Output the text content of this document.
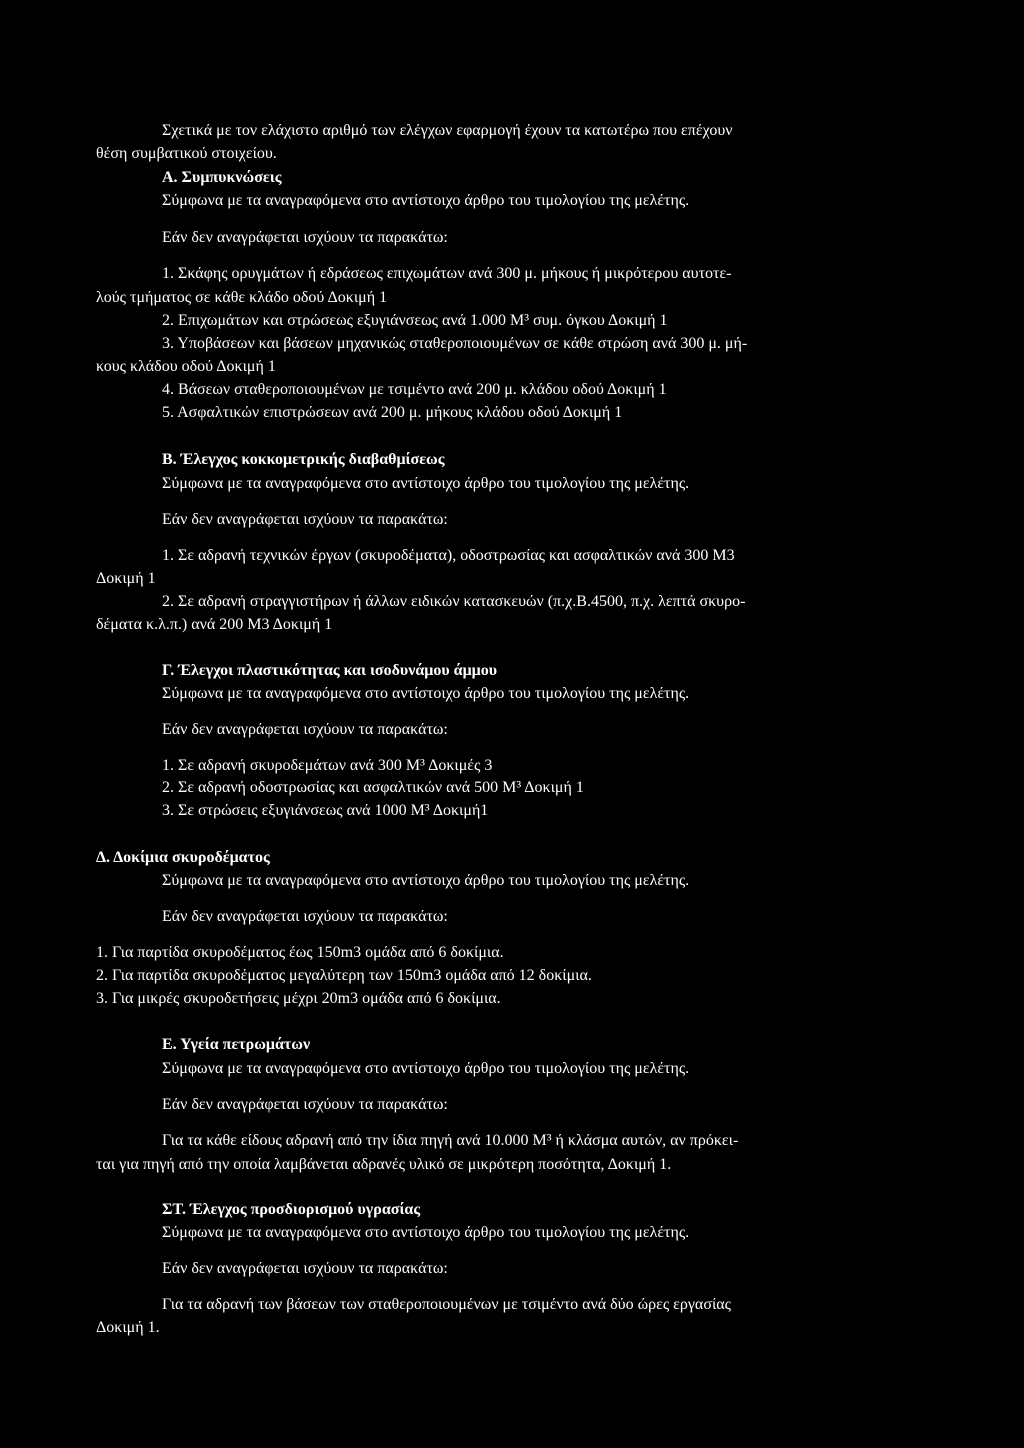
Σχετικά με τον ελάχιστο αριθμό των ελέγχων εφαρμογή έχουν τα κατωτέρω που επέχουν

θέση συμβατικού στοιχείου.

Α. Συμπυκνώσεις

Σύμφωνα με τα αναγραφόμενα στο αντίστοιχο άρθρο του τιμολογίου της μελέτης.

Εάν δεν αναγράφεται ισχύουν τα παρακάτω:

1. Σκάφης ορυγμάτων ή εδράσεως επιχωμάτων ανά 300 μ. μήκους ή μικρότερου αυτοτε-

λούς τμήματος σε κάθε κλάδο οδού Δοκιμή 1

2. Επιχωμάτων και στρώσεως εξυγιάνσεως ανά 1.000 Μ³ συμ. όγκου Δοκιμή 1

3. Υποβάσεων και βάσεων μηχανικώς σταθεροποιουμένων σε κάθε στρώση ανά 300 μ. μή-

κους κλάδου οδού Δοκιμή 1

4. Βάσεων σταθεροποιουμένων με τσιμέντο ανά 200 μ. κλάδου οδού Δοκιμή 1

5. Ασφαλτικών επιστρώσεων ανά 200 μ. μήκους κλάδου οδού Δοκιμή 1

Β. Έλεγχος κοκκομετρικής διαβαθμίσεως

Σύμφωνα με τα αναγραφόμενα στο αντίστοιχο άρθρο του τιμολογίου της μελέτης.

Εάν δεν αναγράφεται ισχύουν τα παρακάτω:

1. Σε αδρανή τεχνικών έργων (σκυροδέματα), οδοστρωσίας και ασφαλτικών ανά 300 Μ3

Δοκιμή 1

2. Σε αδρανή στραγγιστήρων ή άλλων ειδικών κατασκευών (π.χ.Β.4500, π.χ. λεπτά σκυρο-

δέματα κ.λ.π.) ανά 200 Μ3 Δοκιμή 1

Γ. Έλεγχοι πλαστικότητας και ισοδυνάμου άμμου

Σύμφωνα με τα αναγραφόμενα στο αντίστοιχο άρθρο του τιμολογίου της μελέτης.

Εάν δεν αναγράφεται ισχύουν τα παρακάτω:

1. Σε αδρανή σκυροδεμάτων ανά 300 Μ³ Δοκιμές 3

2. Σε αδρανή οδοστρωσίας και ασφαλτικών ανά 500 Μ³ Δοκιμή 1

3. Σε στρώσεις εξυγιάνσεως ανά 1000 Μ³ Δοκιμή1

Δ. Δοκίμια σκυροδέματος

Σύμφωνα με τα αναγραφόμενα στο αντίστοιχο άρθρο του τιμολογίου της μελέτης.

Εάν δεν αναγράφεται ισχύουν τα παρακάτω:

1. Για παρτίδα σκυροδέματος έως 150m3 ομάδα από 6 δοκίμια.

2. Για παρτίδα σκυροδέματος μεγαλύτερη των 150m3 ομάδα από 12 δοκίμια.

3. Για μικρές σκυροδετήσεις μέχρι 20m3 ομάδα από 6 δοκίμια.

Ε. Υγεία πετρωμάτων

Σύμφωνα με τα αναγραφόμενα στο αντίστοιχο άρθρο του τιμολογίου της μελέτης.

Εάν δεν αναγράφεται ισχύουν τα παρακάτω:

Για τα κάθε είδους αδρανή από την ίδια πηγή ανά 10.000 Μ³ ή κλάσμα αυτών, αν πρόκει-

ται για πηγή από την οποία λαμβάνεται αδρανές υλικό σε μικρότερη ποσότητα, Δοκιμή 1.

ΣΤ. Έλεγχος προσδιορισμού υγρασίας

Σύμφωνα με τα αναγραφόμενα στο αντίστοιχο άρθρο του τιμολογίου της μελέτης.

Εάν δεν αναγράφεται ισχύουν τα παρακάτω:

Για τα αδρανή των βάσεων των σταθεροποιουμένων με τσιμέντο ανά δύο ώρες εργασίας

Δοκιμή 1.
